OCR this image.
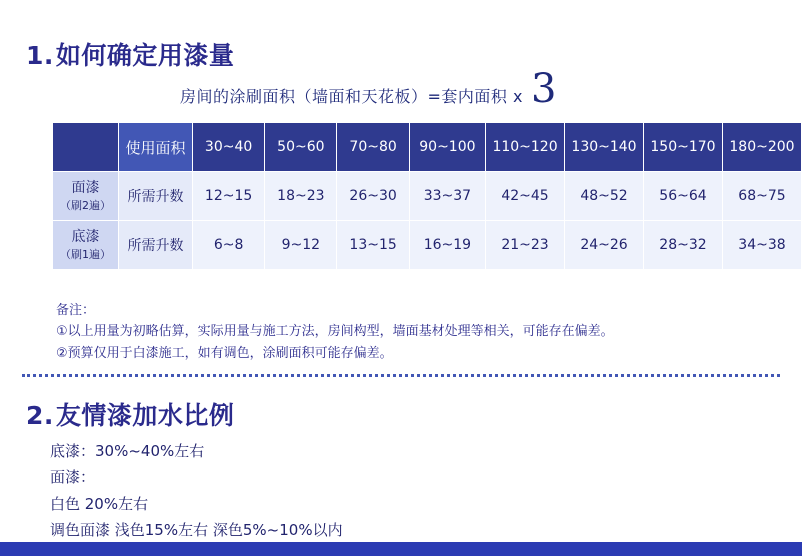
1. 如何确定用漆量
房间的涂刷面积（墙面和天花板）=套内面积 x 3
	使用面积	30~40	50~60	70~80	90~100	110~120	130~140	150~170	180~200
面漆
（刷2遍）	所需升数	12~15	18~23	26~30	33~37	42~45	48~52	56~64	68~75
底漆
（刷1遍）	所需升数	6~8	9~12	13~15	16~19	21~23	24~26	28~32	34~38
备注：
①以上用量为初略估算，实际用量与施工方法，房间构型，墙面基材处理等相关，可能存在偏差。
②预算仅用于白漆施工，如有调色，涂刷面积可能存偏差。
2. 友情漆加水比例
底漆：30%~40%左右
面漆：
白色 20%左右
调色面漆 浅色15%左右 深色5%~10%以内
